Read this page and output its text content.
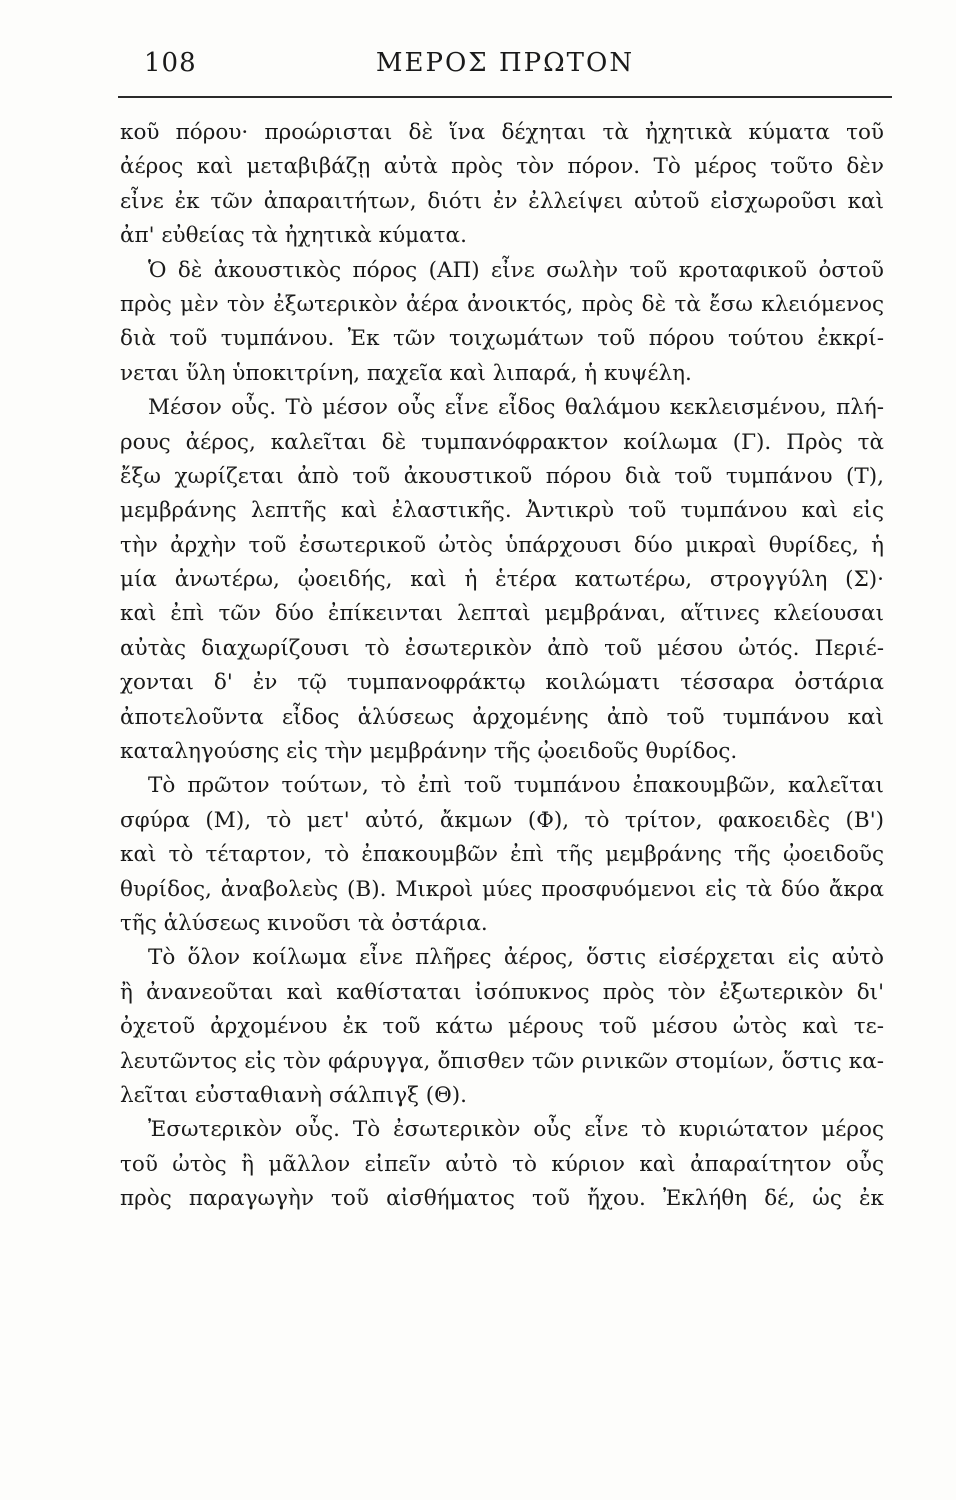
108	ΜΕΡΟΣ ΠΡΩΤΟΝ
κοῦ πόρου· προώρισται δὲ ἵνα δέχηται τὰ ἠχητικὰ κύματα τοῦ
ἀέρος καὶ μεταβιβάζῃ αὐτὰ πρὸς τὸν πόρον. Τὸ μέρος τοῦτο δὲν
εἶνε ἐκ τῶν ἀπαραιτήτων, διότι ἐν ἐλλείψει αὐτοῦ εἰσχωροῦσι καὶ
ἀπ' εὐθείας τὰ ἠχητικὰ κύματα.
Ὁ δὲ ἀκουστικὸς πόρος (ΑΠ) εἶνε σωλὴν τοῦ κροταφικοῦ ὀστοῦ
πρὸς μὲν τὸν ἐξωτερικὸν ἀέρα ἀνοικτός, πρὸς δὲ τὰ ἔσω κλειόμενος
διὰ τοῦ τυμπάνου. Ἐκ τῶν τοιχωμάτων τοῦ πόρου τούτου ἐκκρί-
νεται ὕλη ὑποκιτρίνη, παχεῖα καὶ λιπαρά, ἡ κυψέλη.
Μέσον οὖς. Τὸ μέσον οὖς εἶνε εἶδος θαλάμου κεκλεισμένου, πλή-
ρους ἀέρος, καλεῖται δὲ τυμπανόφρακτον κοίλωμα (Γ). Πρὸς τὰ
ἔξω χωρίζεται ἀπὸ τοῦ ἀκουστικοῦ πόρου διὰ τοῦ τυμπάνου (Τ),
μεμβράνης λεπτῆς καὶ ἐλαστικῆς. Ἀντικρὺ τοῦ τυμπάνου καὶ εἰς
τὴν ἀρχὴν τοῦ ἐσωτερικοῦ ὠτὸς ὑπάρχουσι δύο μικραὶ θυρίδες, ἡ
μία ἀνωτέρω, ᾠοειδής, καὶ ἡ ἑτέρα κατωτέρω, στρογγύλη (Σ)·
καὶ ἐπὶ τῶν δύο ἐπίκεινται λεπταὶ μεμβράναι, αἵτινες κλείουσαι
αὐτὰς διαχωρίζουσι τὸ ἐσωτερικὸν ἀπὸ τοῦ μέσου ὠτός. Περιέ-
χονται δ' ἐν τῷ τυμπανοφράκτῳ κοιλώματι τέσσαρα ὀστάρια
ἀποτελοῦντα εἶδος ἁλύσεως ἀρχομένης ἀπὸ τοῦ τυμπάνου καὶ
καταληγούσης εἰς τὴν μεμβράνην τῆς ᾠοειδοῦς θυρίδος.
Τὸ πρῶτον τούτων, τὸ ἐπὶ τοῦ τυμπάνου ἐπακουμβῶν, καλεῖται
σφύρα (Μ), τὸ μετ' αὐτό, ἄκμων (Φ), τὸ τρίτον, φακοειδὲς (Β')
καὶ τὸ τέταρτον, τὸ ἐπακουμβῶν ἐπὶ τῆς μεμβράνης τῆς ᾠοειδοῦς
θυρίδος, ἀναβολεὺς (Β). Μικροὶ μύες προσφυόμενοι εἰς τὰ δύο ἄκρα
τῆς ἁλύσεως κινοῦσι τὰ ὀστάρια.
Τὸ ὅλον κοίλωμα εἶνε πλῆρες ἀέρος, ὅστις εἰσέρχεται εἰς αὐτὸ
ἢ ἀνανεοῦται καὶ καθίσταται ἰσόπυκνος πρὸς τὸν ἐξωτερικὸν δι'
ὀχετοῦ ἀρχομένου ἐκ τοῦ κάτω μέρους τοῦ μέσου ὠτὸς καὶ τε-
λευτῶντος εἰς τὸν φάρυγγα, ὄπισθεν τῶν ρινικῶν στομίων, ὅστις κα-
λεῖται εὐσταθιανὴ σάλπιγξ (Θ).
Ἐσωτερικὸν οὖς. Τὸ ἐσωτερικὸν οὖς εἶνε τὸ κυριώτατον μέρος
τοῦ ὠτὸς ἢ μᾶλλον εἰπεῖν αὐτὸ τὸ κύριον καὶ ἀπαραίτητον οὖς
πρὸς παραγωγὴν τοῦ αἰσθήματος τοῦ ἤχου. Ἐκλήθη δέ, ὡς ἐκ
